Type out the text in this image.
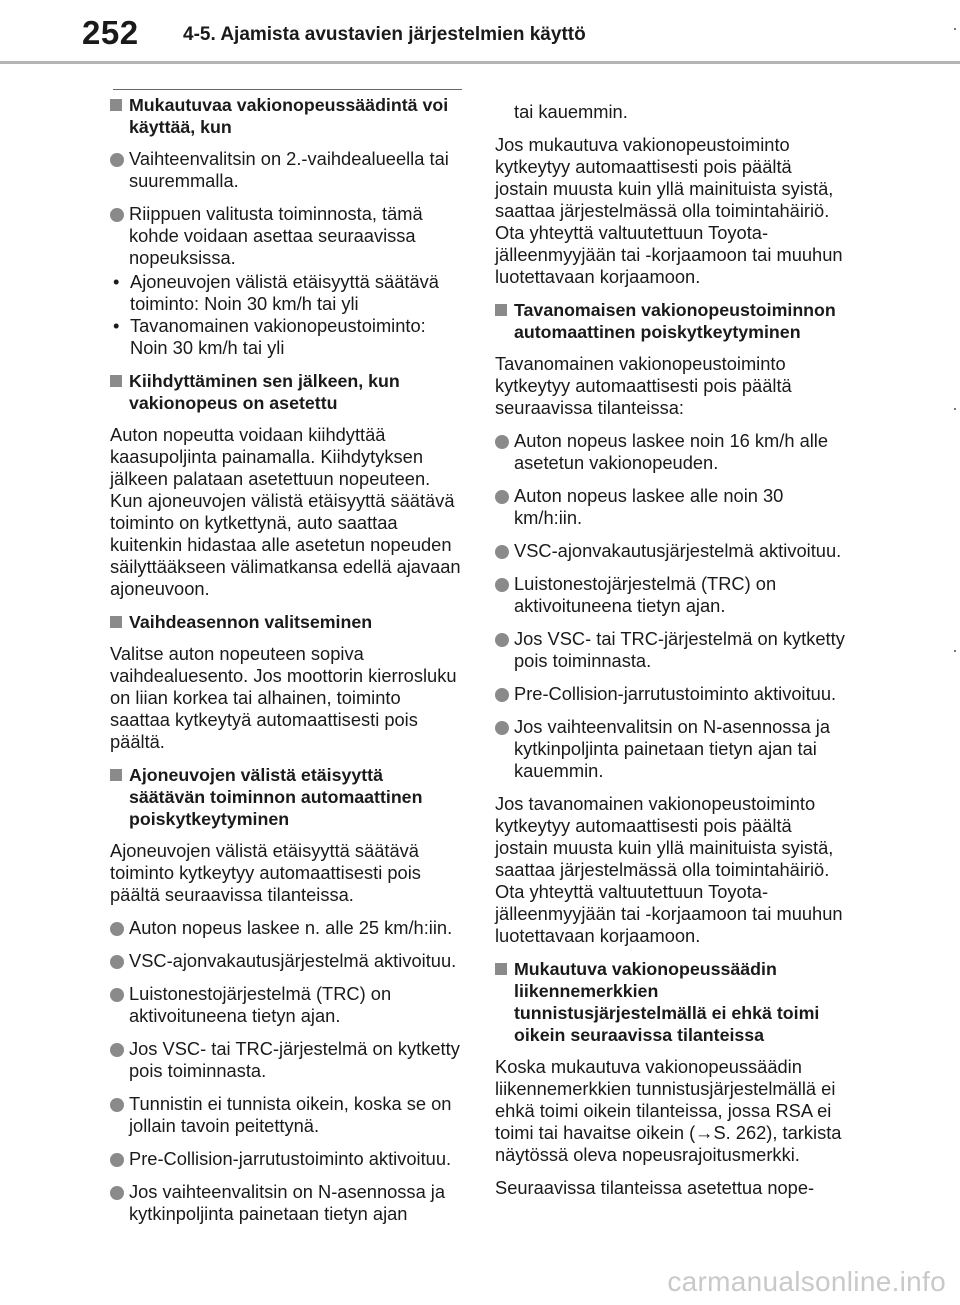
252 4-5. Ajamista avustavien järjestelmien käyttö
Mukautuvaa vakionopeussäädintä voi käyttää, kun
Vaihteenvalitsin on 2.-vaihdealueella tai suuremmalla.
Riippuen valitusta toiminnosta, tämä kohde voidaan asettaa seuraavissa nopeuksissa.
• Ajoneuvojen välistä etäisyyttä säätävä toiminto: Noin 30 km/h tai yli
• Tavanomainen vakionopeustoiminto: Noin 30 km/h tai yli
Kiihdyttäminen sen jälkeen, kun vakionopeus on asetettu
Auton nopeutta voidaan kiihdyttää kaasupoljinta painamalla. Kiihdytyksen jälkeen palataan asetettuun nopeuteen. Kun ajoneuvojen välistä etäisyyttä säätävä toiminto on kytkettynä, auto saattaa kuitenkin hidastaa alle asetetun nopeuden säilyttääkseen välimatkansa edellä ajavaan ajoneuvoon.
Vaihdeasennon valitseminen
Valitse auton nopeuteen sopiva vaihdealuesento. Jos moottorin kierrosluku on liian korkea tai alhainen, toiminto saattaa kytkeytyä automaattisesti pois päältä.
Ajoneuvojen välistä etäisyyttä säätävän toiminnon automaattinen poiskytkeytyminen
Ajoneuvojen välistä etäisyyttä säätävä toiminto kytkeytyy automaattisesti pois päältä seuraavissa tilanteissa.
Auton nopeus laskee n. alle 25 km/h:iin.
VSC-ajonvakautusjärjestelmä aktivoituu.
Luistonestojärjestelmä (TRC) on aktivoituneena tietyn ajan.
Jos VSC- tai TRC-järjestelmä on kytketty pois toiminnasta.
Tunnistin ei tunnista oikein, koska se on jollain tavoin peitettynä.
Pre-Collision-jarrutustoiminto aktivoituu.
Jos vaihteenvalitsin on N-asennossa ja kytkinpoljinta painetaan tietyn ajan
tai kauemmin.
Jos mukautuva vakionopeustoiminto kytkeytyy automaattisesti pois päältä jostain muusta kuin yllä mainituista syistä, saattaa järjestelmässä olla toimintahäiriö. Ota yhteyttä valtuutettuun Toyota-jälleenmyyjään tai -korjaamoon tai muuhun luotettavaan korjaamoon.
Tavanomaisen vakionopeustoiminnon automaattinen poiskytkeytyminen
Tavanomainen vakionopeustoiminto kytkeytyy automaattisesti pois päältä seuraavissa tilanteissa:
Auton nopeus laskee noin 16 km/h alle asetetun vakionopeuden.
Auton nopeus laskee alle noin 30 km/h:iin.
VSC-ajonvakautusjärjestelmä aktivoituu.
Luistonestojärjestelmä (TRC) on aktivoituneena tietyn ajan.
Jos VSC- tai TRC-järjestelmä on kytketty pois toiminnasta.
Pre-Collision-jarrutustoiminto aktivoituu.
Jos vaihteenvalitsin on N-asennossa ja kytkinpoljinta painetaan tietyn ajan tai kauemmin.
Jos tavanomainen vakionopeustoiminto kytkeytyy automaattisesti pois päältä jostain muusta kuin yllä mainituista syistä, saattaa järjestelmässä olla toimintahäiriö. Ota yhteyttä valtuutettuun Toyota-jälleenmyyjään tai -korjaamoon tai muuhun luotettavaan korjaamoon.
Mukautuva vakionopeussäädin liikennemerkkien tunnistusjärjestelmällä ei ehkä toimi oikein seuraavissa tilanteissa
Koska mukautuva vakionopeussäädin liikennemerkkien tunnistusjärjestelmällä ei ehkä toimi oikein tilanteissa, jossa RSA ei toimi tai havaitse oikein (→S. 262), tarkista näytössä oleva nopeusrajoitusmerkki.
Seuraavissa tilanteissa asetettua nope-
carmanualsonline.info
